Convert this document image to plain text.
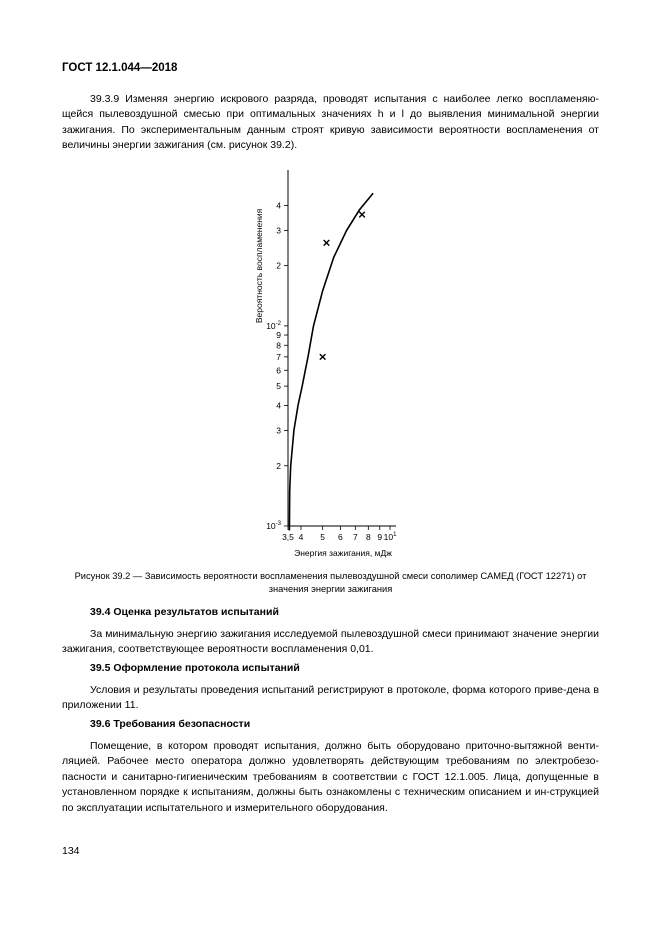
ГОСТ 12.1.044—2018

39.3.9 Изменяя энергию искрового разряда, проводят испытания с наиболее легко воспламеняю-щейся пылевоздушной смесью при оптимальных значениях h и l до выявления минимальной энергии зажигания. По экспериментальным данным строят кривую зависимости вероятности воспламенения от величины энергии зажигания (см. рисунок 39.2).

3,5 4 5 6 7 8 9 $10^1$
$10^{-3}$
2
3
4
5
6
7
8
9
$10^{-2}$
2
3
4
Энергия зажигания, мДж
Вероятность воспламенения
Рисунок 39.2 — Зависимость вероятности воспламенения пылевоздушной смеси сополимер САМЕД (ГОСТ 12271) от значения энергии зажигания
39.4 Оценка результатов испытаний

За минимальную энергию зажигания исследуемой пылевоздушной смеси принимают значение энергии зажигания, соответствующее вероятности воспламенения 0,01.

39.5 Оформление протокола испытаний

Условия и результаты проведения испытаний регистрируют в протоколе, форма которого приве-дена в приложении 11.

39.6 Требования безопасности

Помещение, в котором проводят испытания, должно быть оборудовано приточно-вытяжной венти-ляцией. Рабочее место оператора должно удовлетворять действующим требованиям по электробезо-пасности и санитарно-гигиеническим требованиям в соответствии с ГОСТ 12.1.005. Лица, допущенные в установленном порядке к испытаниям, должны быть ознакомлены с техническим описанием и ин-струкцией по эксплуатации испытательного и измерительного оборудования.

134
